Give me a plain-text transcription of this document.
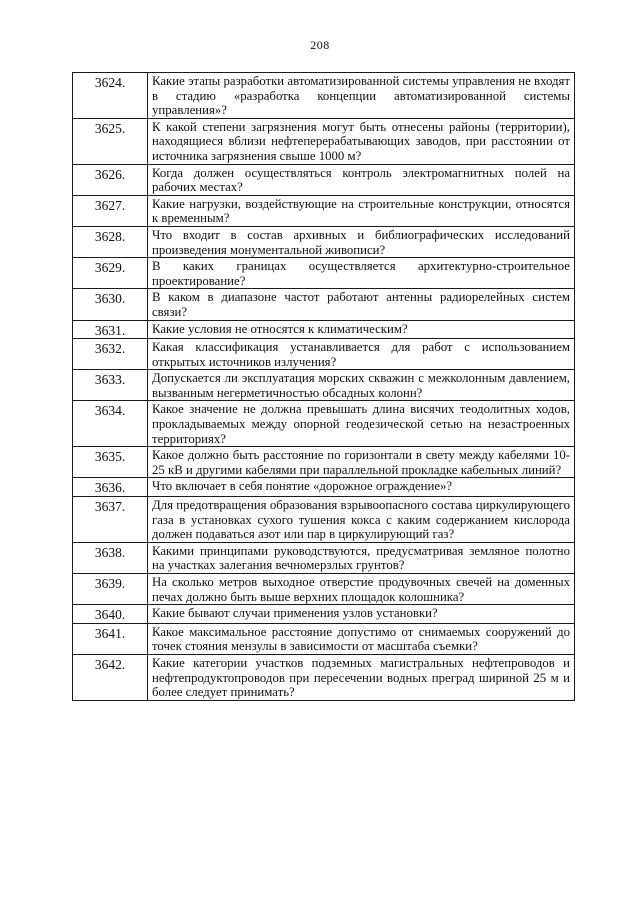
208
3624.	Какие этапы разработки автоматизированной системы управления не входят в стадию «разработка концепции автоматизированной системы управления»?
3625.	К какой степени загрязнения могут быть отнесены районы (территории), находящиеся вблизи нефтеперерабатывающих заводов, при расстоянии от источника загрязнения свыше 1000 м?
3626.	Когда должен осуществляться контроль электромагнитных полей на рабочих местах?
3627.	Какие нагрузки, воздействующие на строительные конструкции, относятся к временным?
3628.	Что входит в состав архивных и библиографических исследований произведения монументальной живописи?
3629.	В каких границах осуществляется архитектурно-строительное проектирование?
3630.	В каком в диапазоне частот работают антенны радиорелейных систем связи?
3631.	Какие условия не относятся к климатическим?
3632.	Какая классификация устанавливается для работ с использованием открытых источников излучения?
3633.	Допускается ли эксплуатация морских скважин с межколонным давлением, вызванным негерметичностью обсадных колонн?
3634.	Какое значение не должна превышать длина висячих теодолитных ходов, прокладываемых между опорной геодезической сетью на незастроенных территориях?
3635.	Какое должно быть расстояние по горизонтали в свету между кабелями 10-25 кВ и другими кабелями при параллельной прокладке кабельных линий?
3636.	Что включает в себя понятие «дорожное ограждение»?
3637.	Для предотвращения образования взрывоопасного состава циркулирующего газа в установках сухого тушения кокса с каким содержанием кислорода должен подаваться азот или пар в циркулирующий газ?
3638.	Какими принципами руководствуются, предусматривая земляное полотно на участках залегания вечномерзлых грунтов?
3639.	На сколько метров выходное отверстие продувочных свечей на доменных печах должно быть выше верхних площадок колошника?
3640.	Какие бывают случаи применения узлов установки?
3641.	Какое максимальное расстояние допустимо от снимаемых сооружений до точек стояния мензулы в зависимости от масштаба съемки?
3642.	Какие категории участков подземных магистральных нефтепроводов и нефтепродуктопроводов при пересечении водных преград шириной 25 м и более следует принимать?
